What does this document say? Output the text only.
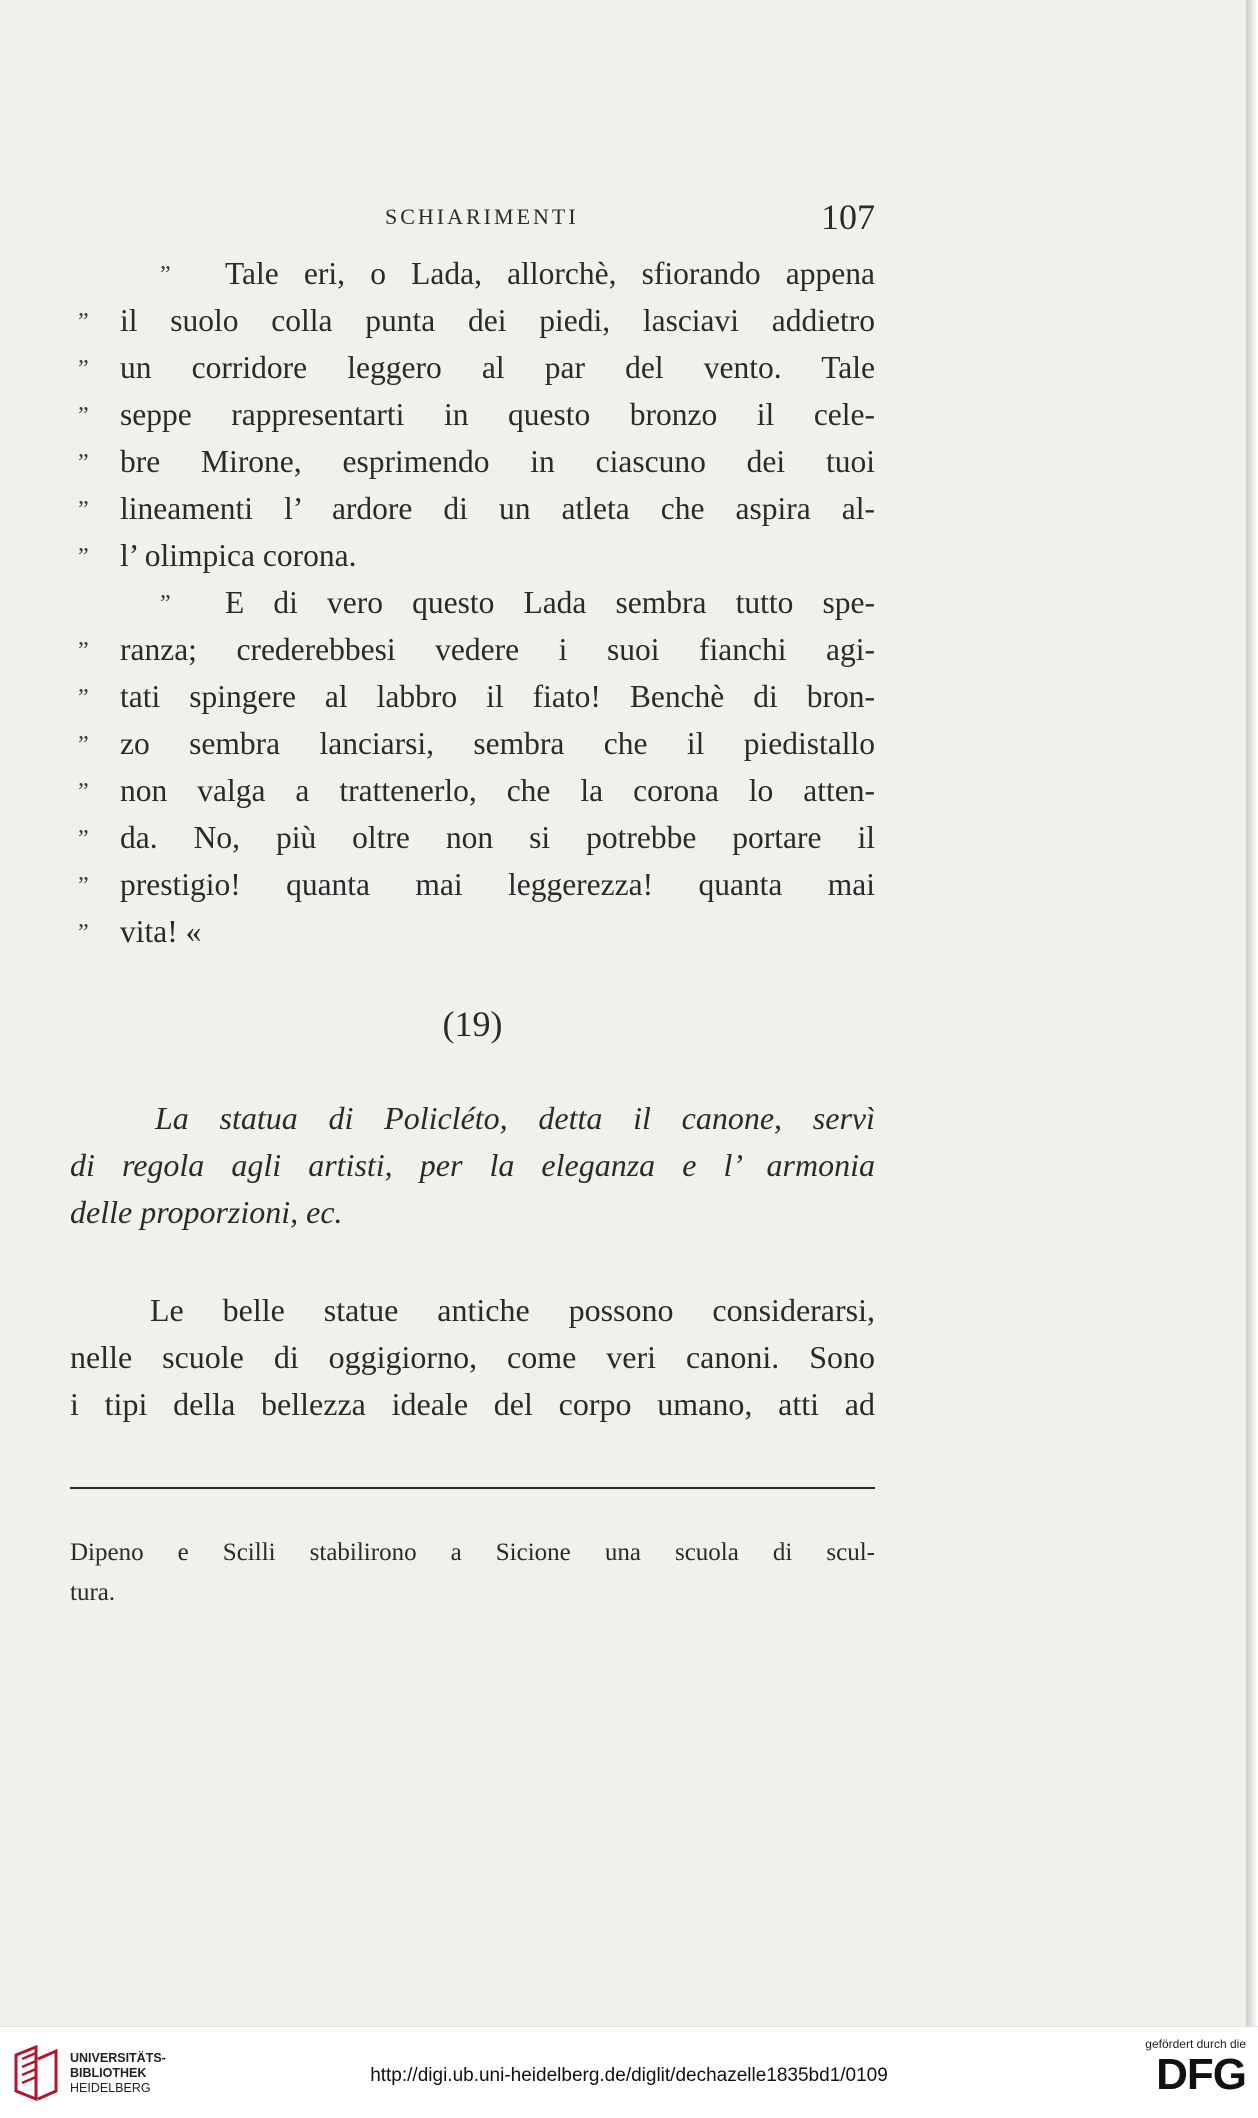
SCHIARIMENTI	107
” Tale eri, o Lada, allorchè, sfiorando appena
” il suolo colla punta dei piedi, lasciavi addietro
” un corridore leggero al par del vento. Tale
” seppe rappresentarti in questo bronzo il cele-
” bre Mirone, esprimendo in ciascuno dei tuoi
” lineamenti l’ ardore di un atleta che aspira al-
” l’ olimpica corona.
” E di vero questo Lada sembra tutto spe-
” ranza; crederebbesi vedere i suoi fianchi agi-
” tati spingere al labbro il fiato! Benchè di bron-
” zo sembra lanciarsi, sembra che il piedistallo
” non valga a trattenerlo, che la corona lo atten-
” da. No, più oltre non si potrebbe portare il
” prestigio! quanta mai leggerezza! quanta mai
” vita! «
(19)
La statua di Policléto, detta il canone, servì
di regola agli artisti, per la eleganza e l’ armonia
delle proporzioni, ec.
Le belle statue antiche possono considerarsi,
nelle scuole di oggigiorno, come veri canoni. Sono
i tipi della bellezza ideale del corpo umano, atti ad
Dipeno e Scilli stabilirono a Sicione una scuola di scul-
tura.
UNIVERSITÄTS-
BIBLIOTHEK
HEIDELBERG
http://digi.ub.uni-heidelberg.de/diglit/dechazelle1835bd1/0109
gefördert durch die
DFG
